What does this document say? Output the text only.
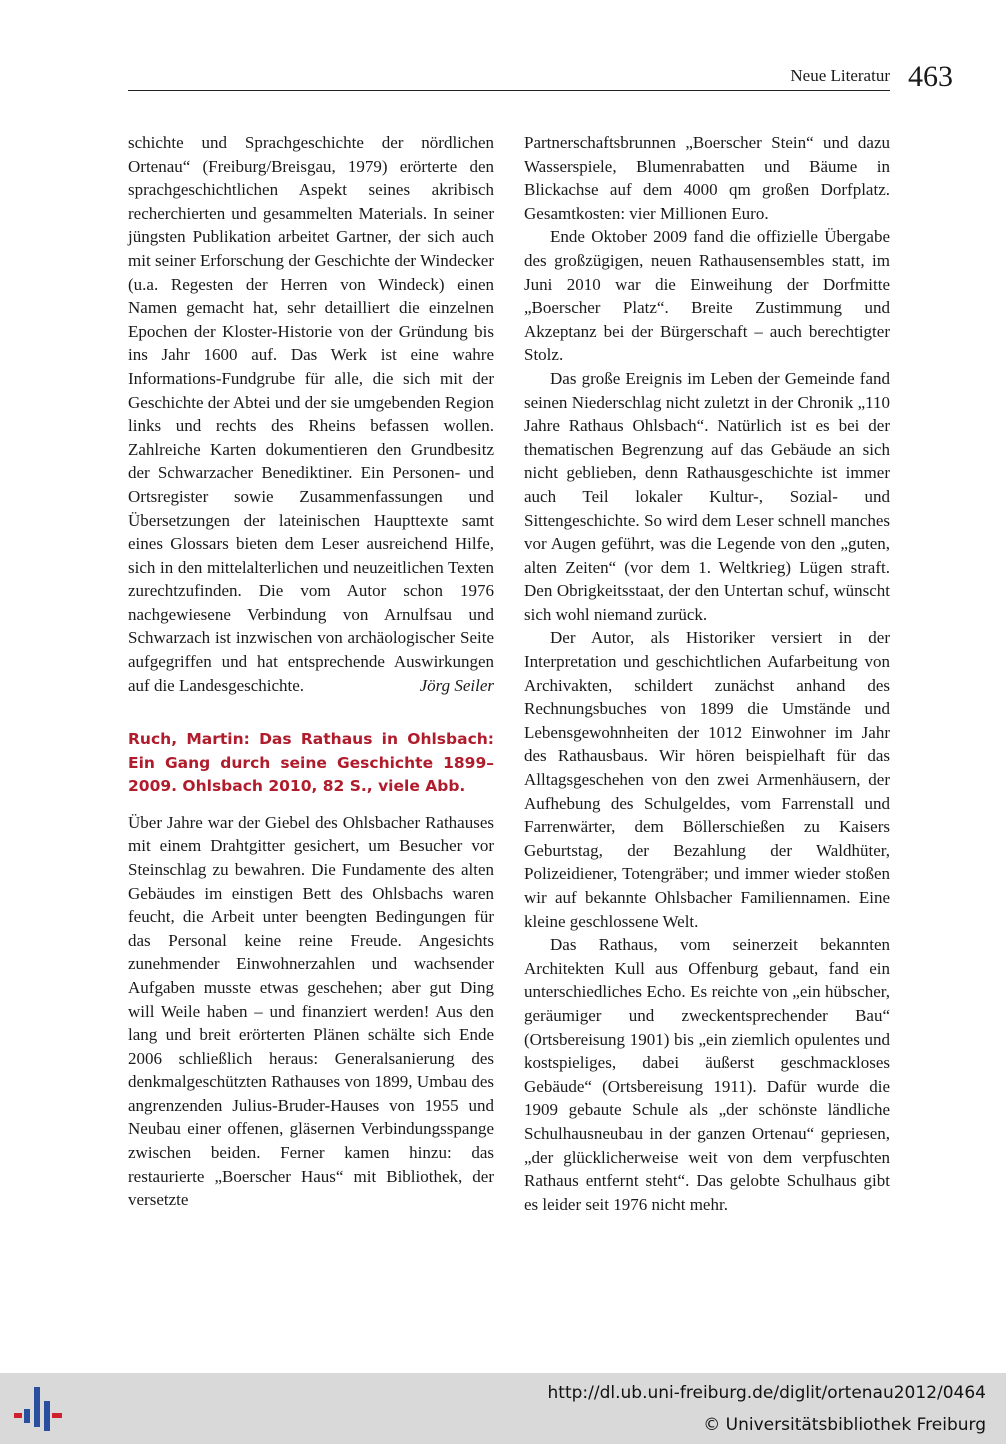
Neue Literatur 463

schichte und Sprachgeschichte der nördlichen Ortenau“ (Freiburg/Breisgau, 1979) erörterte den sprachgeschichtlichen Aspekt seines akribisch recherchierten und gesammelten Materials. In seiner jüngsten Publikation arbeitet Gartner, der sich auch mit seiner Erforschung der Geschichte der Windecker (u.a. Regesten der Herren von Windeck) einen Namen gemacht hat, sehr detailliert die einzelnen Epochen der Kloster-Historie von der Gründung bis ins Jahr 1600 auf. Das Werk ist eine wahre Informations-Fundgrube für alle, die sich mit der Geschichte der Abtei und der sie umgebenden Region links und rechts des Rheins befassen wollen. Zahlreiche Karten dokumentieren den Grundbesitz der Schwarzacher Benediktiner. Ein Personen- und Ortsregister sowie Zusammenfassungen und Übersetzungen der lateinischen Haupttexte samt eines Glossars bieten dem Leser ausreichend Hilfe, sich in den mittelalterlichen und neuzeitlichen Texten zurechtzufinden. Die vom Autor schon 1976 nachgewiesene Verbindung von Arnulfsau und Schwarzach ist inzwischen von archäologischer Seite aufgegriffen und hat entsprechende Auswirkungen auf die Landesgeschichte.	Jörg Seiler

Ruch, Martin: Das Rathaus in Ohlsbach: Ein Gang durch seine Geschichte 1899–2009. Ohlsbach 2010, 82 S., viele Abb.

Über Jahre war der Giebel des Ohlsbacher Rathauses mit einem Drahtgitter gesichert, um Besucher vor Steinschlag zu bewahren. Die Fundamente des alten Gebäudes im einstigen Bett des Ohlsbachs waren feucht, die Arbeit unter beengten Bedingungen für das Personal keine reine Freude. Angesichts zunehmender Einwohnerzahlen und wachsender Aufgaben musste etwas geschehen; aber gut Ding will Weile haben – und finanziert werden! Aus den lang und breit erörterten Plänen schälte sich Ende 2006 schließlich heraus: Generalsanierung des denkmalgeschützten Rathauses von 1899, Umbau des angrenzenden Julius-Bruder-Hauses von 1955 und Neubau einer offenen, gläsernen Verbindungsspange zwischen beiden. Ferner kamen hinzu: das restaurierte „Boerscher Haus“ mit Bibliothek, der versetzte

Partnerschaftsbrunnen „Boerscher Stein“ und dazu Wasserspiele, Blumenrabatten und Bäume in Blickachse auf dem 4000 qm großen Dorfplatz. Gesamtkosten: vier Millionen Euro.

Ende Oktober 2009 fand die offizielle Übergabe des großzügigen, neuen Rathausensembles statt, im Juni 2010 war die Einweihung der Dorfmitte „Boerscher Platz“. Breite Zustimmung und Akzeptanz bei der Bürgerschaft – auch berechtigter Stolz.

Das große Ereignis im Leben der Gemeinde fand seinen Niederschlag nicht zuletzt in der Chronik „110 Jahre Rathaus Ohlsbach“. Natürlich ist es bei der thematischen Begrenzung auf das Gebäude an sich nicht geblieben, denn Rathausgeschichte ist immer auch Teil lokaler Kultur-, Sozial- und Sittengeschichte. So wird dem Leser schnell manches vor Augen geführt, was die Legende von den „guten, alten Zeiten“ (vor dem 1. Weltkrieg) Lügen straft. Den Obrigkeitsstaat, der den Untertan schuf, wünscht sich wohl niemand zurück.

Der Autor, als Historiker versiert in der Interpretation und geschichtlichen Aufarbeitung von Archivakten, schildert zunächst anhand des Rechnungsbuches von 1899 die Umstände und Lebensgewohnheiten der 1012 Einwohner im Jahr des Rathausbaus. Wir hören beispielhaft für das Alltagsgeschehen von den zwei Armenhäusern, der Aufhebung des Schulgeldes, vom Farrenstall und Farrenwärter, dem Böllerschießen zu Kaisers Geburtstag, der Bezahlung der Waldhüter, Polizeidiener, Totengräber; und immer wieder stoßen wir auf bekannte Ohlsbacher Familiennamen. Eine kleine geschlossene Welt.

Das Rathaus, vom seinerzeit bekannten Architekten Kull aus Offenburg gebaut, fand ein unterschiedliches Echo. Es reichte von „ein hübscher, geräumiger und zweckentsprechender Bau“ (Ortsbereisung 1901) bis „ein ziemlich opulentes und kostspieliges, dabei äußerst geschmackloses Gebäude“ (Ortsbereisung 1911). Dafür wurde die 1909 gebaute Schule als „der schönste ländliche Schulhausneubau in der ganzen Ortenau“ gepriesen, „der glücklicherweise weit von dem verpfuschten Rathaus entfernt steht“. Das gelobte Schulhaus gibt es leider seit 1976 nicht mehr.

http://dl.ub.uni-freiburg.de/diglit/ortenau2012/0464
© Universitätsbibliothek Freiburg
